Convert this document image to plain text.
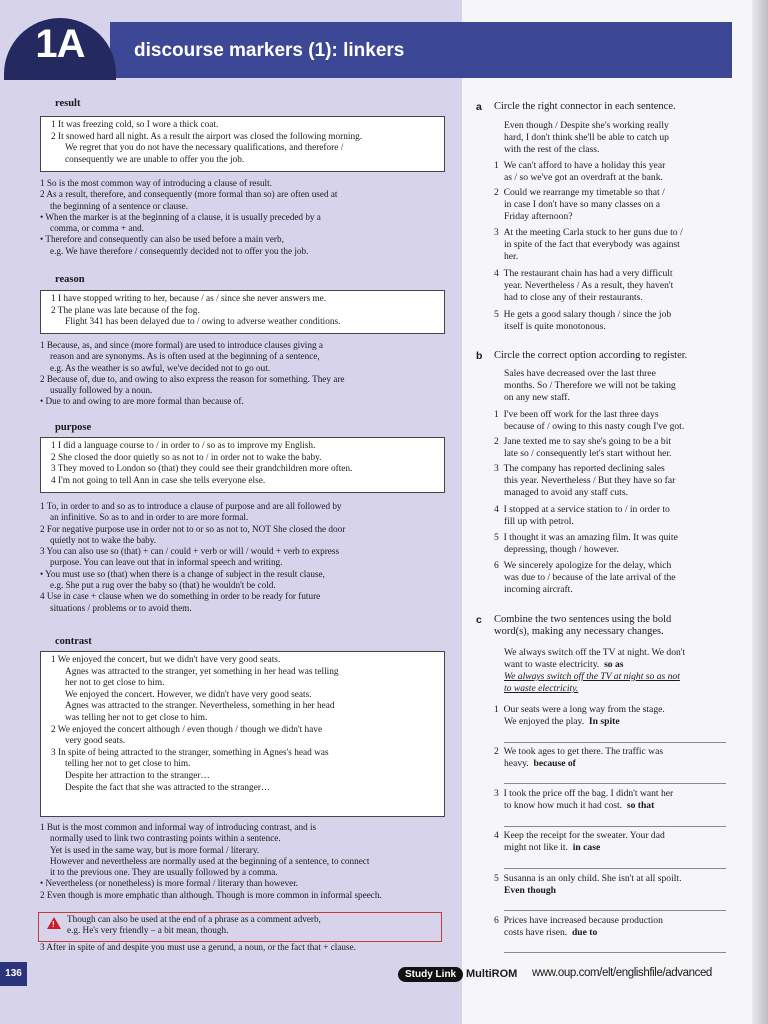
1A	discourse markers (1): linkers
result
1 It was freezing cold, so I wore a thick coat.
2 It snowed hard all night. As a result the airport was closed the following morning.
We regret that you do not have the necessary qualifications, and therefore /
consequently we are unable to offer you the job.
1 So is the most common way of introducing a clause of result.
2 As a result, therefore, and consequently (more formal than so) are often used at
the beginning of a sentence or clause.
• When the marker is at the beginning of a clause, it is usually preceded by a
comma, or comma + and.
• Therefore and consequently can also be used before a main verb,
e.g. We have therefore / consequently decided not to offer you the job.
reason
1 I have stopped writing to her, because / as / since she never answers me.
2 The plane was late because of the fog.
Flight 341 has been delayed due to / owing to adverse weather conditions.
1 Because, as, and since (more formal) are used to introduce clauses giving a
reason and are synonyms. As is often used at the beginning of a sentence,
e.g. As the weather is so awful, we've decided not to go out.
2 Because of, due to, and owing to also express the reason for something. They are
usually followed by a noun.
• Due to and owing to are more formal than because of.
purpose
1 I did a language course to / in order to / so as to improve my English.
2 She closed the door quietly so as not to / in order not to wake the baby.
3 They moved to London so (that) they could see their grandchildren more often.
4 I'm not going to tell Ann in case she tells everyone else.
1 To, in order to and so as to introduce a clause of purpose and are all followed by
an infinitive. So as to and in order to are more formal.
2 For negative purpose use in order not to or so as not to, NOT She closed the door
quietly not to wake the baby.
3 You can also use so (that) + can / could + verb or will / would + verb to express
purpose. You can leave out that in informal speech and writing.
• You must use so (that) when there is a change of subject in the result clause,
e.g. She put a rug over the baby so (that) he wouldn't be cold.
4 Use in case + clause when we do something in order to be ready for future
situations / problems or to avoid them.
contrast
1 We enjoyed the concert, but we didn't have very good seats.
Agnes was attracted to the stranger, yet something in her head was telling
her not to get close to him.
We enjoyed the concert. However, we didn't have very good seats.
Agnes was attracted to the stranger. Nevertheless, something in her head
was telling her not to get close to him.
2 We enjoyed the concert although / even though / though we didn't have
very good seats.
3 In spite of being attracted to the stranger, something in Agnes's head was
telling her not to get close to him.
Despite her attraction to the stranger…
Despite the fact that she was attracted to the stranger…
1 But is the most common and informal way of introducing contrast, and is
normally used to link two contrasting points within a sentence.
Yet is used in the same way, but is more formal / literary.
However and nevertheless are normally used at the beginning of a sentence, to connect
it to the previous one. They are usually followed by a comma.
• Nevertheless (or nonetheless) is more formal / literary than however.
2 Even though is more emphatic than although. Though is more common in informal speech.
!
Though can also be used at the end of a phrase as a comment adverb,
e.g. He's very friendly – a bit mean, though.
3 After in spite of and despite you must use a gerund, a noun, or the fact that + clause.
a Circle the right connector in each sentence.
Even though / Despite she's working really
hard, I don't think she'll be able to catch up
with the rest of the class.
1 We can't afford to have a holiday this year
as / so we've got an overdraft at the bank.
2 Could we rearrange my timetable so that /
in case I don't have so many classes on a
Friday afternoon?
3 At the meeting Carla stuck to her guns due to /
in spite of the fact that everybody was against
her.
4 The restaurant chain has had a very difficult
year. Nevertheless / As a result, they haven't
had to close any of their restaurants.
5 He gets a good salary though / since the job
itself is quite monotonous.
b Circle the correct option according to register.
Sales have decreased over the last three
months. So / Therefore we will not be taking
on any new staff.
1 I've been off work for the last three days
because of / owing to this nasty cough I've got.
2 Jane texted me to say she's going to be a bit
late so / consequently let's start without her.
3 The company has reported declining sales
this year. Nevertheless / But they have so far
managed to avoid any staff cuts.
4 I stopped at a service station to / in order to
fill up with petrol.
5 I thought it was an amazing film. It was quite
depressing, though / however.
6 We sincerely apologize for the delay, which
was due to / because of the late arrival of the
incoming aircraft.
c Combine the two sentences using the bold
word(s), making any necessary changes.
We always switch off the TV at night. We don't
want to waste electricity. so as
We always switch off the TV at night so as not
to waste electricity.
1 Our seats were a long way from the stage.
We enjoyed the play. In spite
2 We took ages to get there. The traffic was
heavy. because of
3 I took the price off the bag. I didn't want her
to know how much it had cost. so that
4 Keep the receipt for the sweater. Your dad
might not like it. in case
5 Susanna is an only child. She isn't at all spoilt.
Even though
6 Prices have increased because production
costs have risen. due to
136	Study Link MultiROM www.oup.com/elt/englishfile/advanced
